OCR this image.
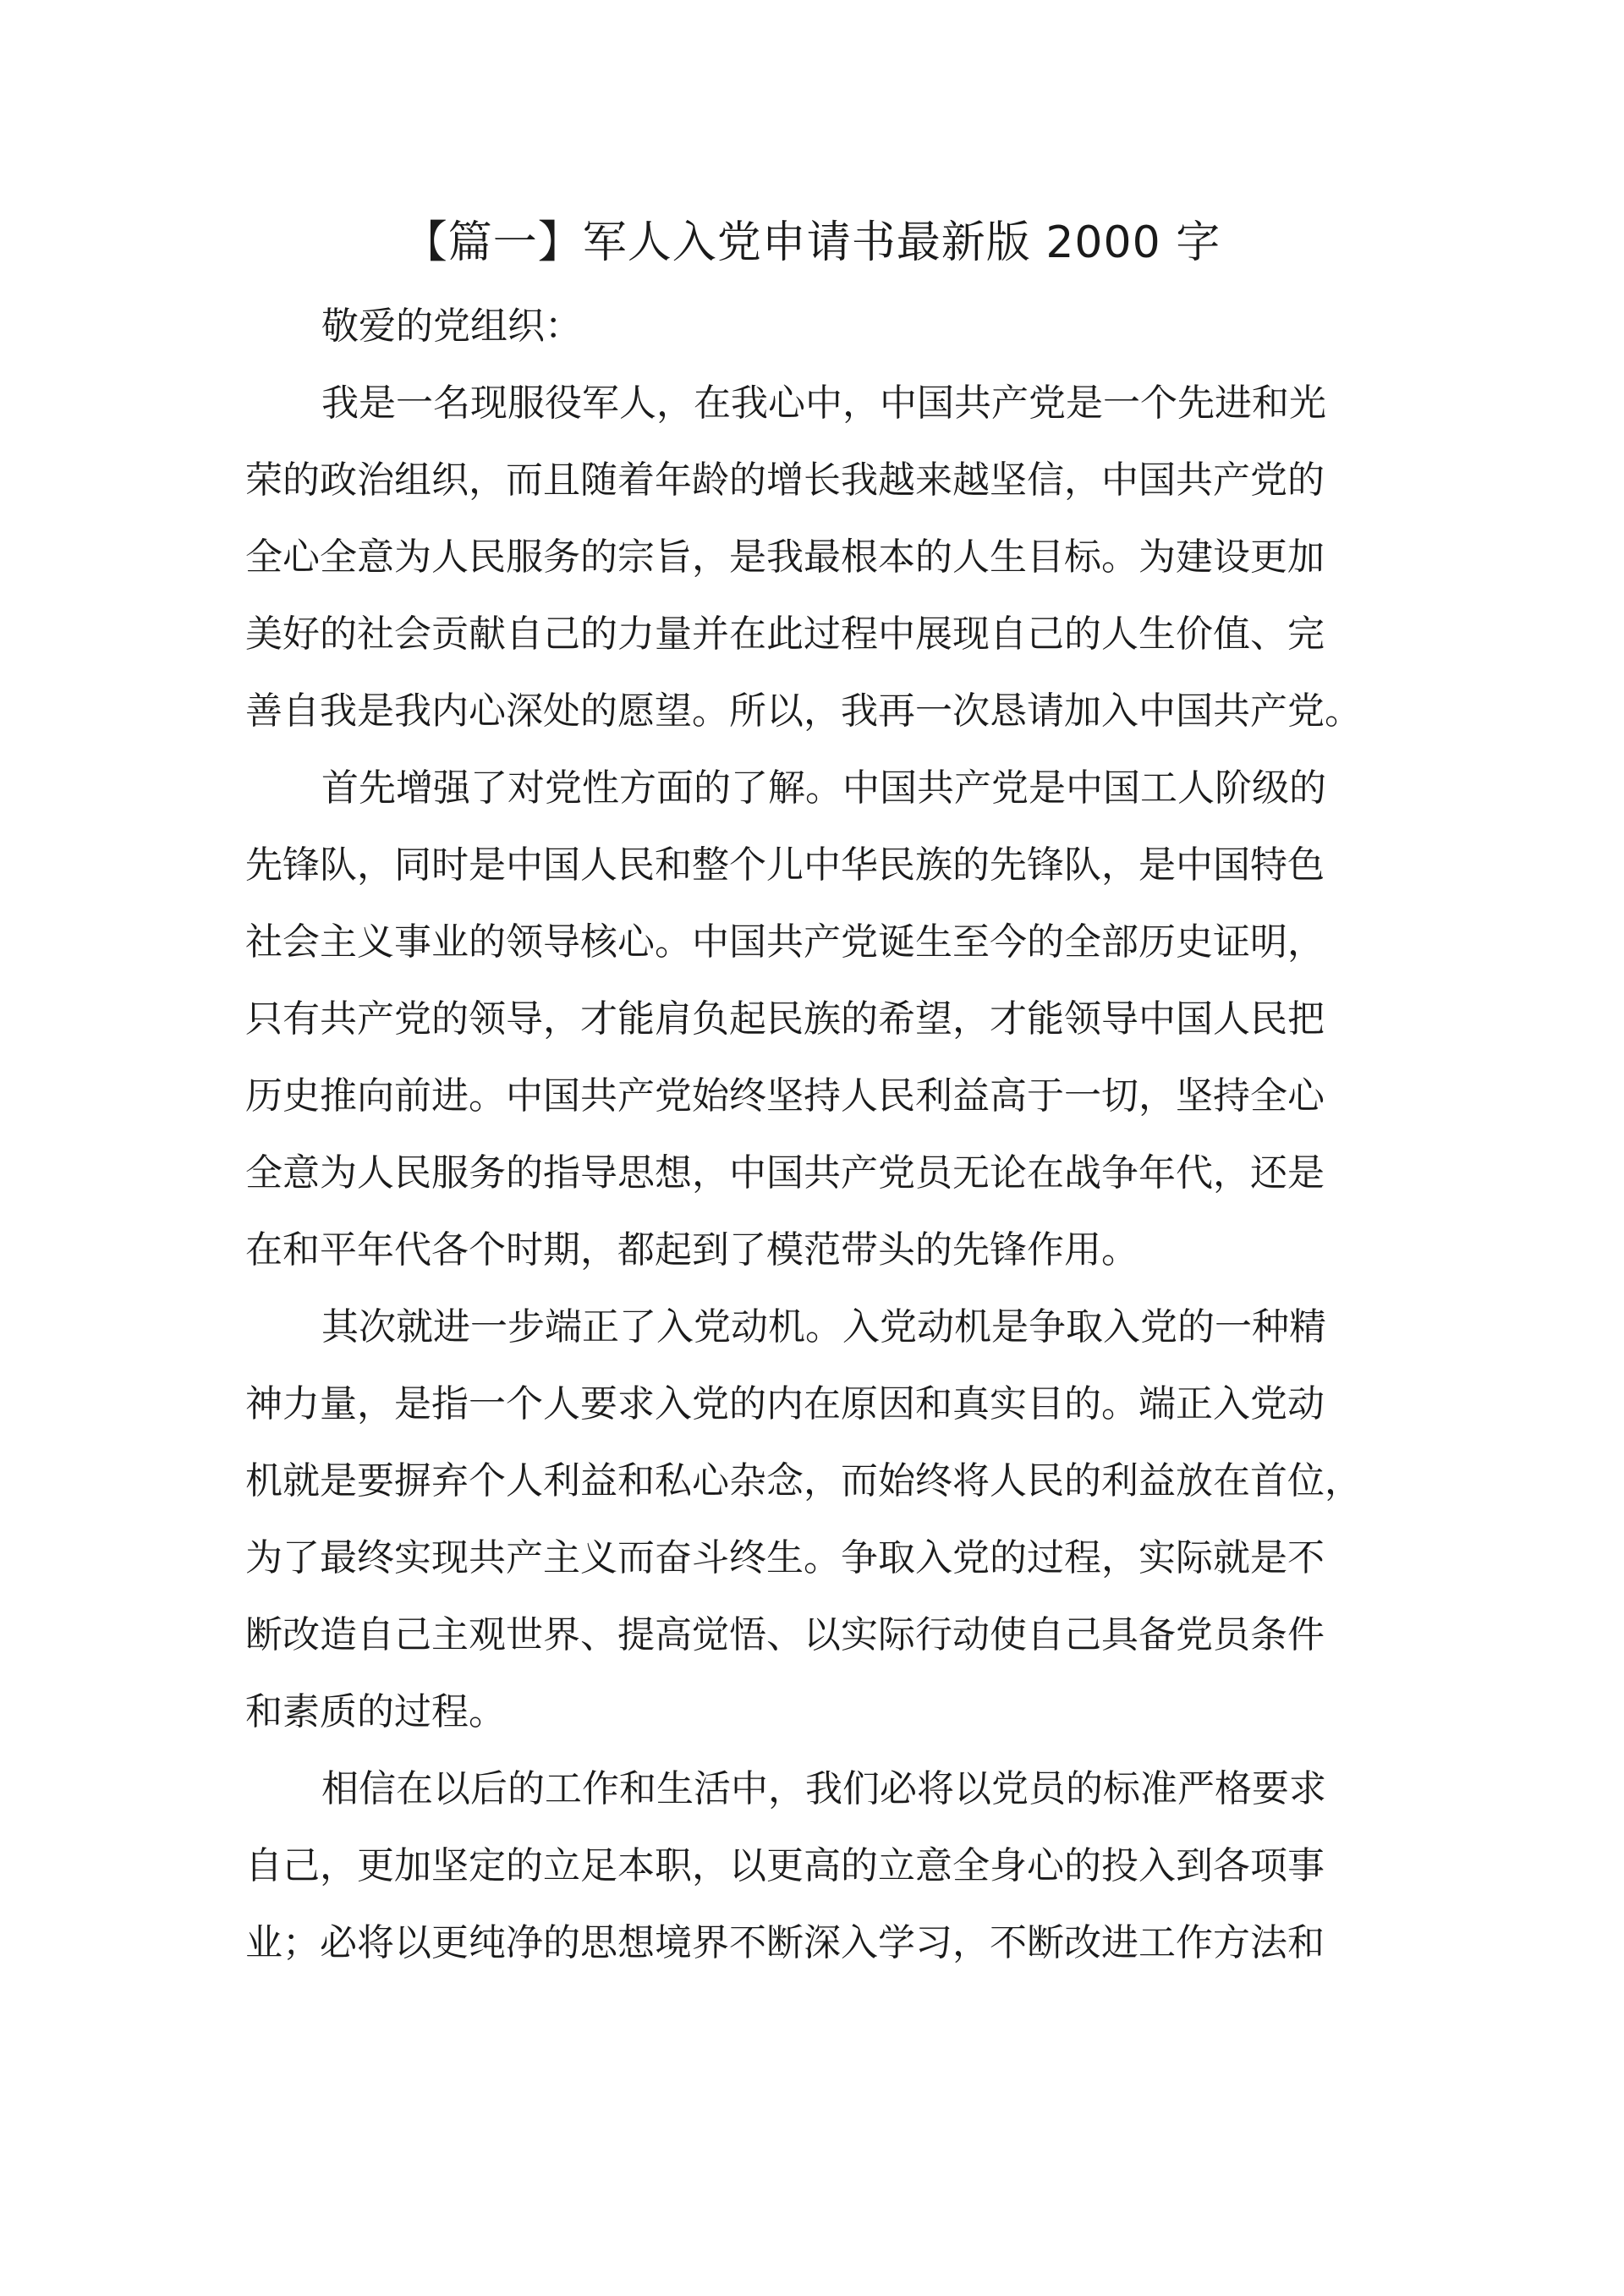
【篇一】军人入党申请书最新版 2000 字
敬爱的党组织：
我是一名现服役军人，在我心中，中国共产党是一个先进和光
荣的政治组织，而且随着年龄的增长我越来越坚信，中国共产党的
全心全意为人民服务的宗旨，是我最根本的人生目标。为建设更加
美好的社会贡献自己的力量并在此过程中展现自己的人生价值、完
善自我是我内心深处的愿望。所以，我再一次恳请加入中国共产党。
首先增强了对党性方面的了解。中国共产党是中国工人阶级的
先锋队，同时是中国人民和整个儿中华民族的先锋队，是中国特色
社会主义事业的领导核心。中国共产党诞生至今的全部历史证明，
只有共产党的领导，才能肩负起民族的希望，才能领导中国人民把
历史推向前进。中国共产党始终坚持人民利益高于一切，坚持全心
全意为人民服务的指导思想，中国共产党员无论在战争年代，还是
在和平年代各个时期，都起到了模范带头的先锋作用。
其次就进一步端正了入党动机。入党动机是争取入党的一种精
神力量，是指一个人要求入党的内在原因和真实目的。端正入党动
机就是要摒弃个人利益和私心杂念，而始终将人民的利益放在首位，
为了最终实现共产主义而奋斗终生。争取入党的过程，实际就是不
断改造自己主观世界、提高觉悟、以实际行动使自己具备党员条件
和素质的过程。
相信在以后的工作和生活中，我们必将以党员的标准严格要求
自己，更加坚定的立足本职，以更高的立意全身心的投入到各项事
业；必将以更纯净的思想境界不断深入学习，不断改进工作方法和
